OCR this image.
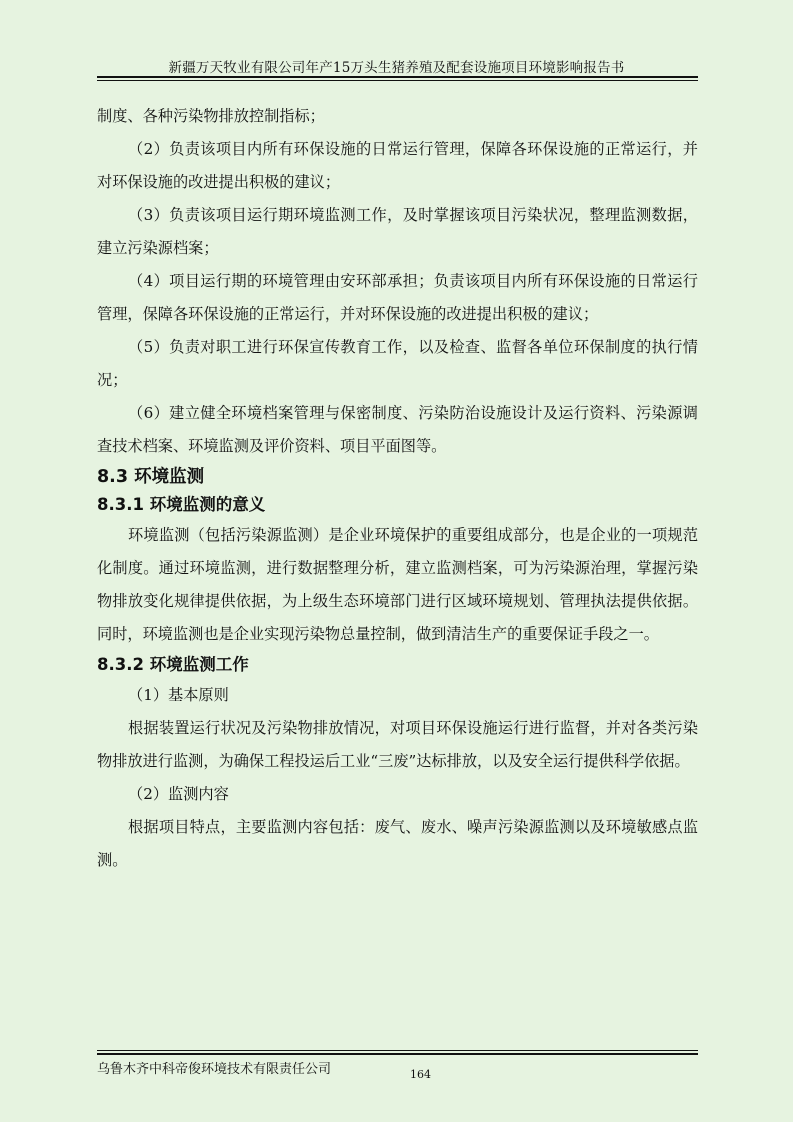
新疆万天牧业有限公司年产15万头生猪养殖及配套设施项目环境影响报告书

制度、各种污染物排放控制指标；

（2）负责该项目内所有环保设施的日常运行管理，保障各环保设施的正常运行，并对环保设施的改进提出积极的建议；

（3）负责该项目运行期环境监测工作，及时掌握该项目污染状况，整理监测数据，建立污染源档案；

（4）项目运行期的环境管理由安环部承担；负责该项目内所有环保设施的日常运行管理，保障各环保设施的正常运行，并对环保设施的改进提出积极的建议；

（5）负责对职工进行环保宣传教育工作，以及检查、监督各单位环保制度的执行情况；

（6）建立健全环境档案管理与保密制度、污染防治设施设计及运行资料、污染源调查技术档案、环境监测及评价资料、项目平面图等。

8.3 环境监测
8.3.1 环境监测的意义

环境监测（包括污染源监测）是企业环境保护的重要组成部分，也是企业的一项规范化制度。通过环境监测，进行数据整理分析，建立监测档案，可为污染源治理，掌握污染物排放变化规律提供依据，为上级生态环境部门进行区域环境规划、管理执法提供依据。同时，环境监测也是企业实现污染物总量控制，做到清洁生产的重要保证手段之一。

8.3.2 环境监测工作

（1）基本原则

根据装置运行状况及污染物排放情况，对项目环保设施运行进行监督，并对各类污染物排放进行监测，为确保工程投运后工业“三废”达标排放，以及安全运行提供科学依据。

（2）监测内容

根据项目特点，主要监测内容包括：废气、废水、噪声污染源监测以及环境敏感点监测。

乌鲁木齐中科帝俊环境技术有限责任公司	164
